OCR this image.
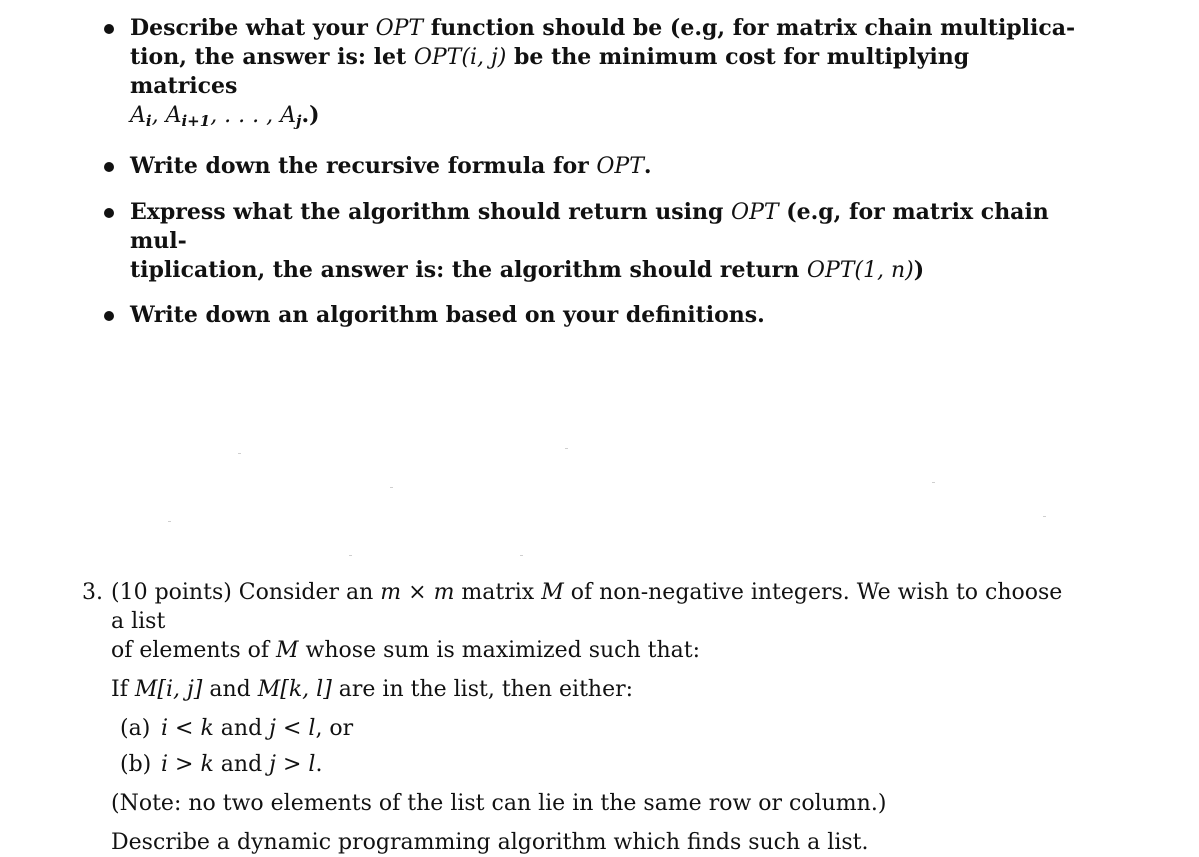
Describe what your OPT function should be (e.g, for matrix chain multiplica-
tion, the answer is: let OPT(i, j) be the minimum cost for multiplying matrices
$A_i$, $A_{i+1}$, . . . , $A_j$.)
Write down the recursive formula for OPT.
Express what the algorithm should return using OPT (e.g, for matrix chain mul-
tiplication, the answer is: the algorithm should return OPT(1, n))
Write down an algorithm based on your definitions.
3. (10 points) Consider an m × m matrix M of non-negative integers. We wish to choose a list
of elements of M whose sum is maximized such that:
If M[i, j] and M[k, l] are in the list, then either:
(a) i < k and j < l, or
(b) i > k and j > l.
(Note: no two elements of the list can lie in the same row or column.)
Describe a dynamic programming algorithm which finds such a list.
